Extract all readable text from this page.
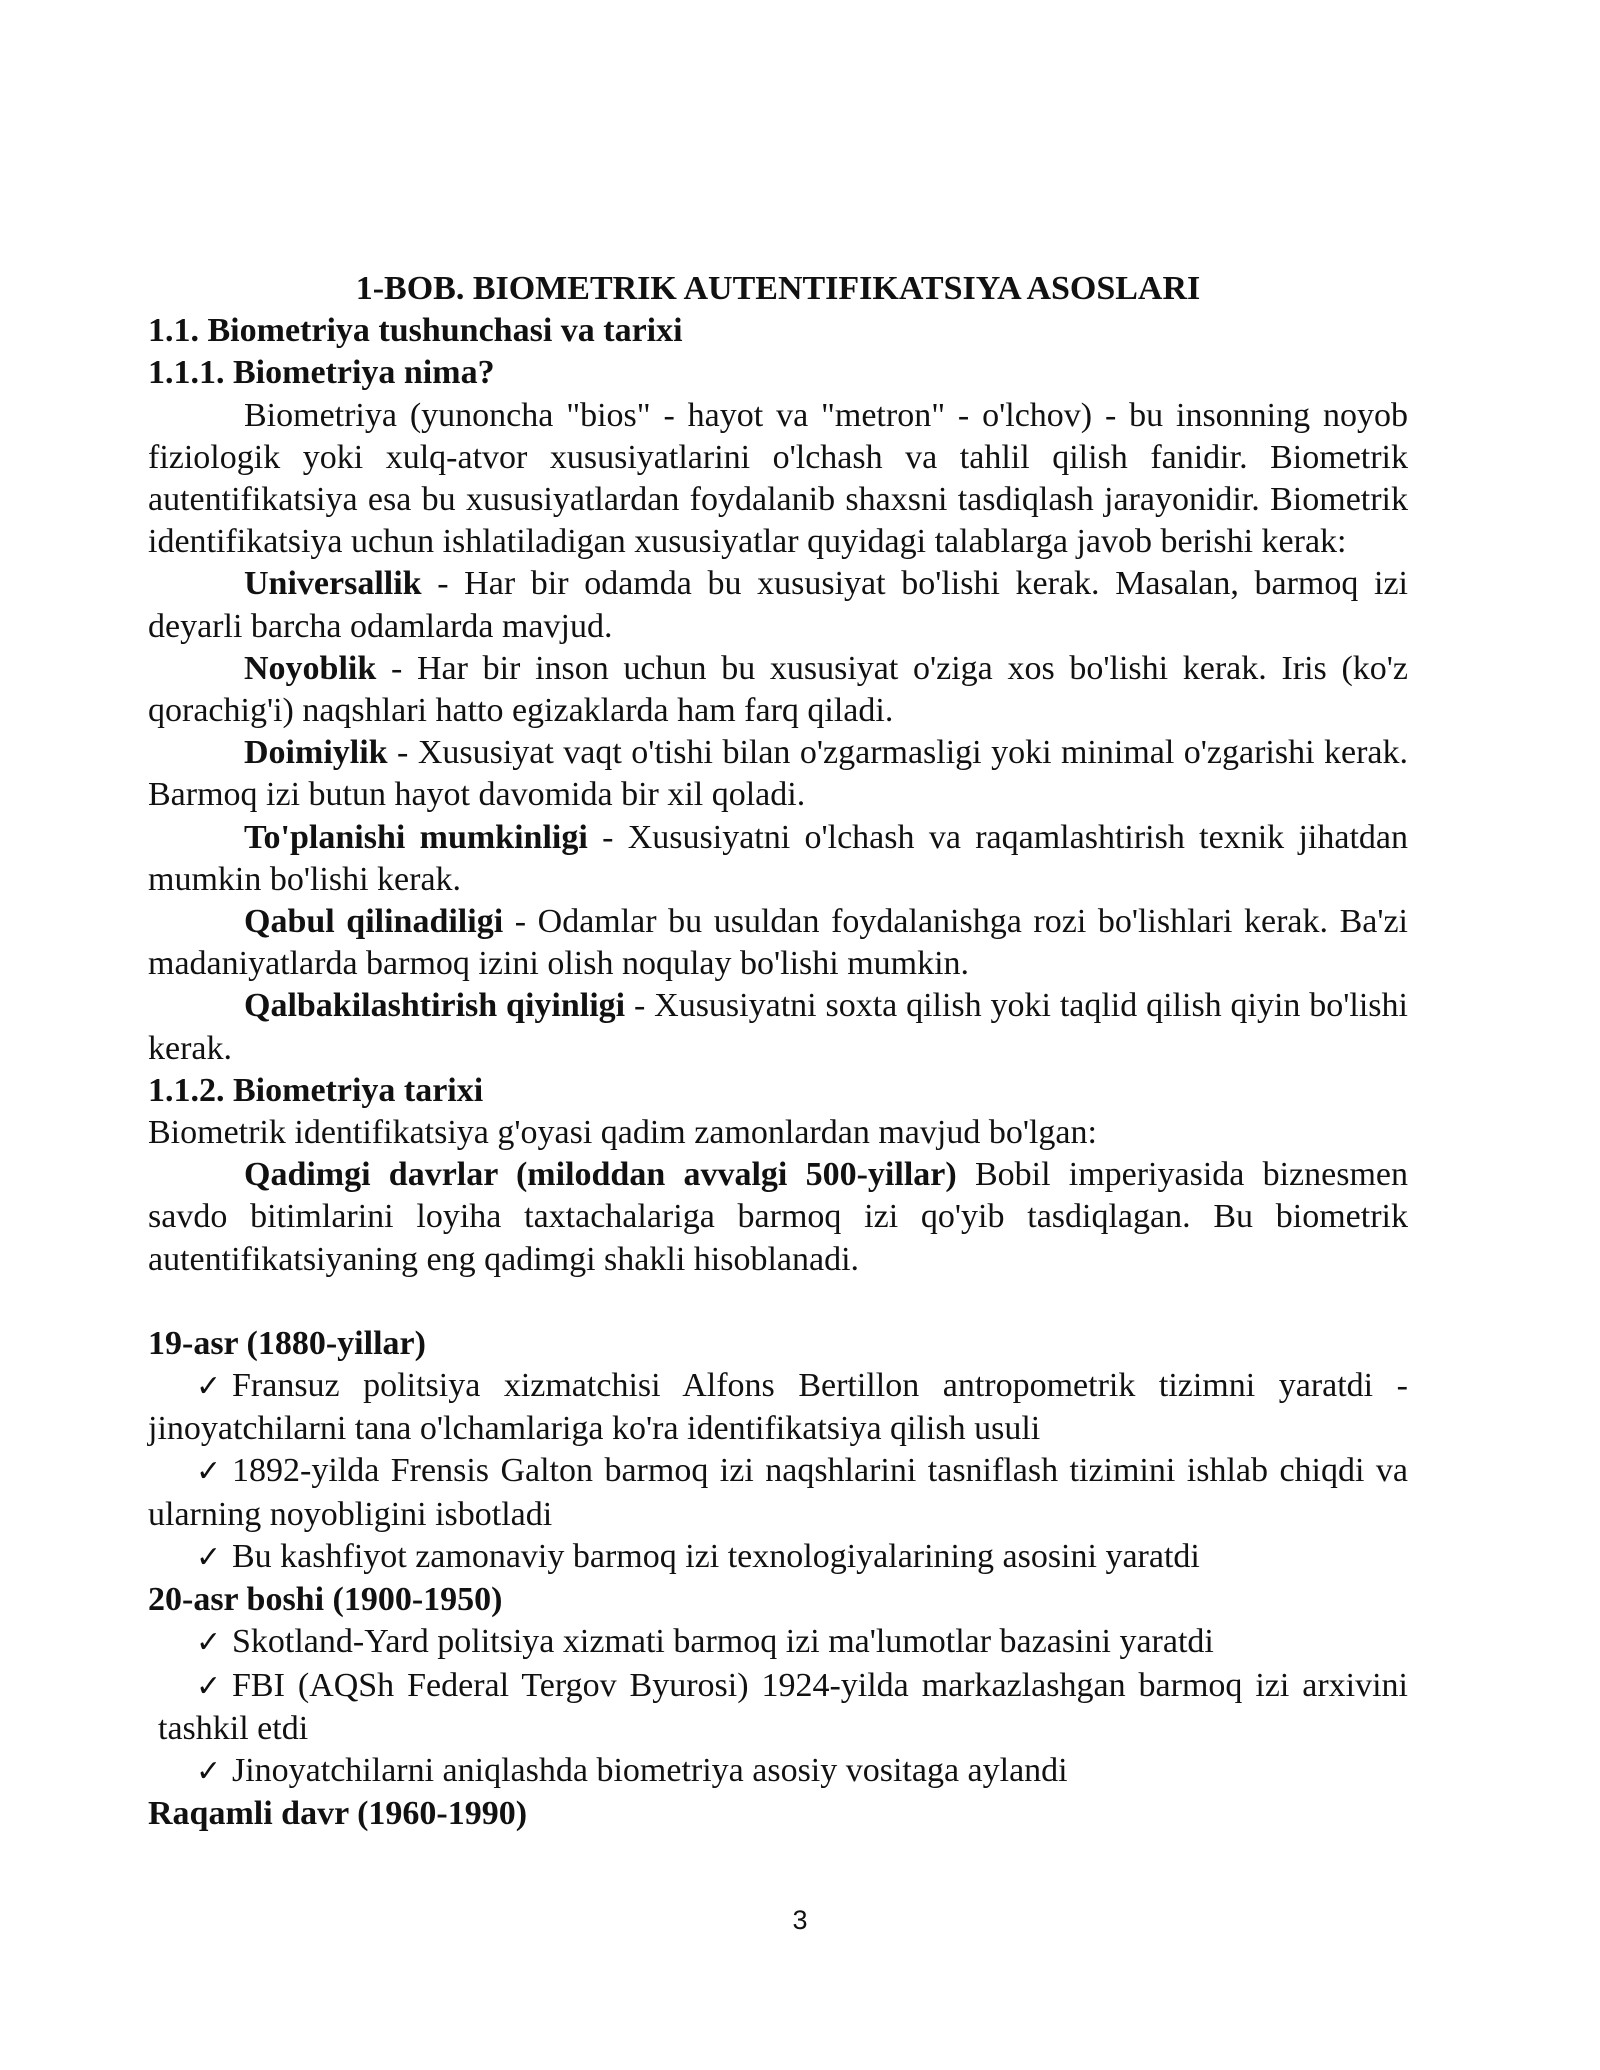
1-BOB. BIOMETRIK AUTENTIFIKATSIYA ASOSLARI

1.1. Biometriya tushunchasi va tarixi

1.1.1. Biometriya nima?

Biometriya (yunoncha "bios" - hayot va "metron" - o'lchov) - bu insonning noyob fiziologik yoki xulq-atvor xususiyatlarini o'lchash va tahlil qilish fanidir. Biometrik autentifikatsiya esa bu xususiyatlardan foydalanib shaxsni tasdiqlash jarayonidir. Biometrik identifikatsiya uchun ishlatiladigan xususiyatlar quyidagi talablarga javob berishi kerak:

Universallik - Har bir odamda bu xususiyat bo'lishi kerak. Masalan, barmoq izi deyarli barcha odamlarda mavjud.

Noyoblik - Har bir inson uchun bu xususiyat o'ziga xos bo'lishi kerak. Iris (ko'z qorachig'i) naqshlari hatto egizaklarda ham farq qiladi.

Doimiylik - Xususiyat vaqt o'tishi bilan o'zgarmasligi yoki minimal o'zgarishi kerak. Barmoq izi butun hayot davomida bir xil qoladi.

To'planishi mumkinligi - Xususiyatni o'lchash va raqamlashtirish texnik jihatdan mumkin bo'lishi kerak.

Qabul qilinadiligi - Odamlar bu usuldan foydalanishga rozi bo'lishlari kerak. Ba'zi madaniyatlarda barmoq izini olish noqulay bo'lishi mumkin.

Qalbakilashtirish qiyinligi - Xususiyatni soxta qilish yoki taqlid qilish qiyin bo'lishi kerak.

1.1.2. Biometriya tarixi

Biometrik identifikatsiya g'oyasi qadim zamonlardan mavjud bo'lgan:

Qadimgi davrlar (miloddan avvalgi 500-yillar) Bobil imperiyasida biznesmen savdo bitimlarini loyiha taxtachalariga barmoq izi qo'yib tasdiqlagan. Bu biometrik autentifikatsiyaning eng qadimgi shakli hisoblanadi.

19-asr (1880-yillar)

✓ Fransuz politsiya xizmatchisi Alfons Bertillon antropometrik tizimni yaratdi - jinoyatchilarni tana o'lchamlariga ko'ra identifikatsiya qilish usuli

✓ 1892-yilda Frensis Galton barmoq izi naqshlarini tasniflash tizimini ishlab chiqdi va ularning noyobligini isbotladi

✓ Bu kashfiyot zamonaviy barmoq izi texnologiyalarining asosini yaratdi

20-asr boshi (1900-1950)

✓ Skotland-Yard politsiya xizmati barmoq izi ma'lumotlar bazasini yaratdi

✓ FBI (AQSh Federal Tergov Byurosi) 1924-yilda markazlashgan barmoq izi arxivini tashkil etdi

✓ Jinoyatchilarni aniqlashda biometriya asosiy vositaga aylandi

Raqamli davr (1960-1990)

3
